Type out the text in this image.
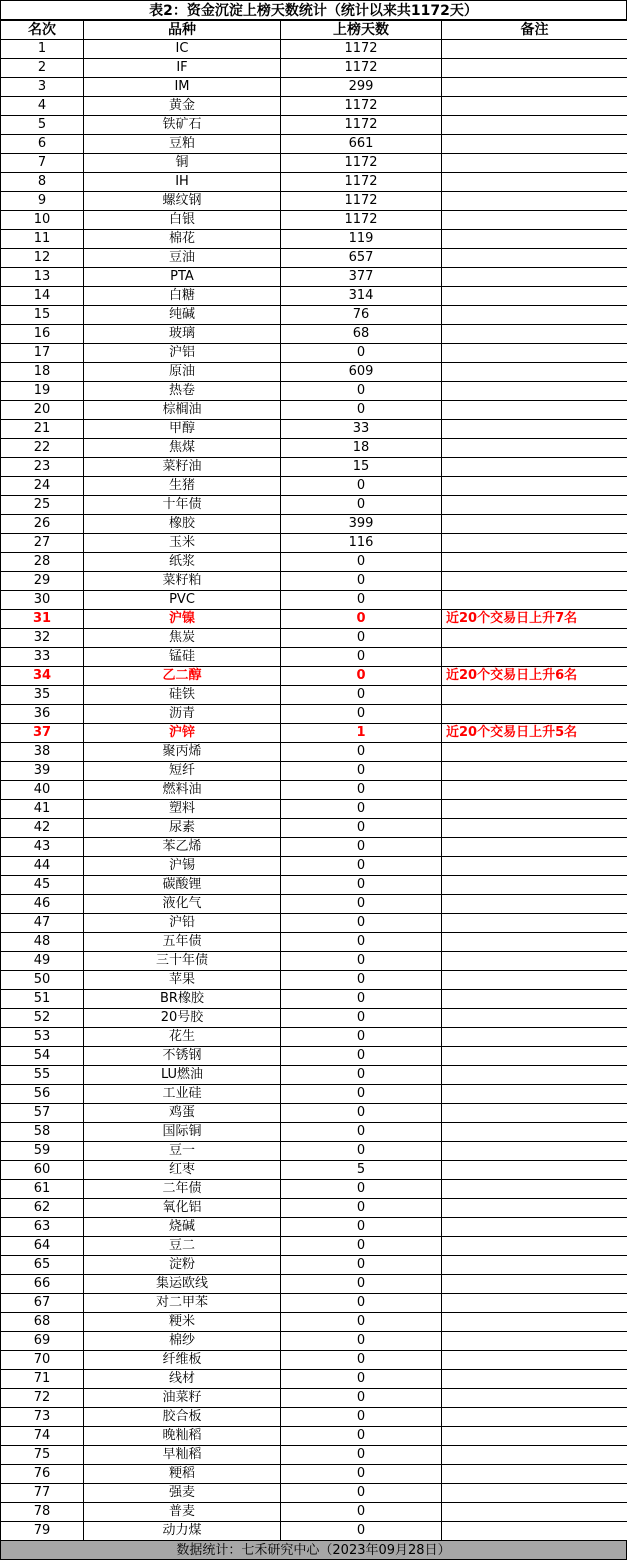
表2：资金沉淀上榜天数统计（统计以来共1172天）
名次	品种	上榜天数	备注
1	IC	1172	
2	IF	1172	
3	IM	299	
4	黄金	1172	
5	铁矿石	1172	
6	豆粕	661	
7	铜	1172	
8	IH	1172	
9	螺纹钢	1172	
10	白银	1172	
11	棉花	119	
12	豆油	657	
13	PTA	377	
14	白糖	314	
15	纯碱	76	
16	玻璃	68	
17	沪铝	0	
18	原油	609	
19	热卷	0	
20	棕榈油	0	
21	甲醇	33	
22	焦煤	18	
23	菜籽油	15	
24	生猪	0	
25	十年债	0	
26	橡胶	399	
27	玉米	116	
28	纸浆	0	
29	菜籽粕	0	
30	PVC	0	
31	沪镍	0	近20个交易日上升7名
32	焦炭	0	
33	锰硅	0	
34	乙二醇	0	近20个交易日上升6名
35	硅铁	0	
36	沥青	0	
37	沪锌	1	近20个交易日上升5名
38	聚丙烯	0	
39	短纤	0	
40	燃料油	0	
41	塑料	0	
42	尿素	0	
43	苯乙烯	0	
44	沪锡	0	
45	碳酸锂	0	
46	液化气	0	
47	沪铅	0	
48	五年债	0	
49	三十年债	0	
50	苹果	0	
51	BR橡胶	0	
52	20号胶	0	
53	花生	0	
54	不锈钢	0	
55	LU燃油	0	
56	工业硅	0	
57	鸡蛋	0	
58	国际铜	0	
59	豆一	0	
60	红枣	5	
61	二年债	0	
62	氧化铝	0	
63	烧碱	0	
64	豆二	0	
65	淀粉	0	
66	集运欧线	0	
67	对二甲苯	0	
68	粳米	0	
69	棉纱	0	
70	纤维板	0	
71	线材	0	
72	油菜籽	0	
73	胶合板	0	
74	晚籼稻	0	
75	早籼稻	0	
76	粳稻	0	
77	强麦	0	
78	普麦	0	
79	动力煤	0	
数据统计：七禾研究中心（2023年09月28日）
